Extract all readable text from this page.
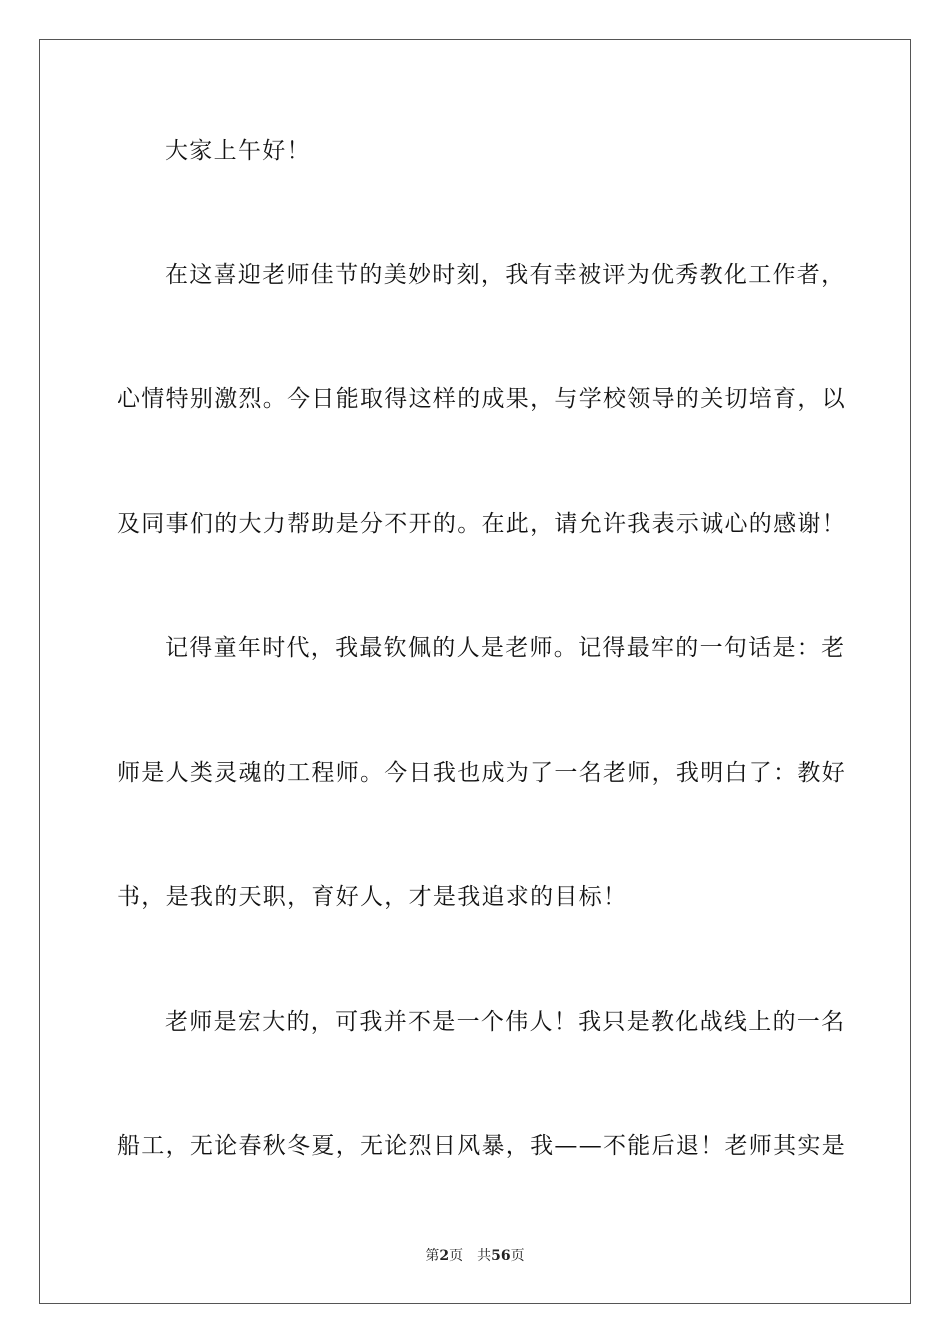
大家上午好！
在这喜迎老师佳节的美妙时刻，我有幸被评为优秀教化工作者，
心情特别激烈。今日能取得这样的成果，与学校领导的关切培育，以
及同事们的大力帮助是分不开的。在此，请允许我表示诚心的感谢！
记得童年时代，我最钦佩的人是老师。记得最牢的一句话是：老
师是人类灵魂的工程师。今日我也成为了一名老师，我明白了：教好
书，是我的天职，育好人，才是我追求的目标！
老师是宏大的，可我并不是一个伟人！我只是教化战线上的一名
船工，无论春秋冬夏，无论烈日风暴，我——不能后退！老师其实是
第2页 共56页
